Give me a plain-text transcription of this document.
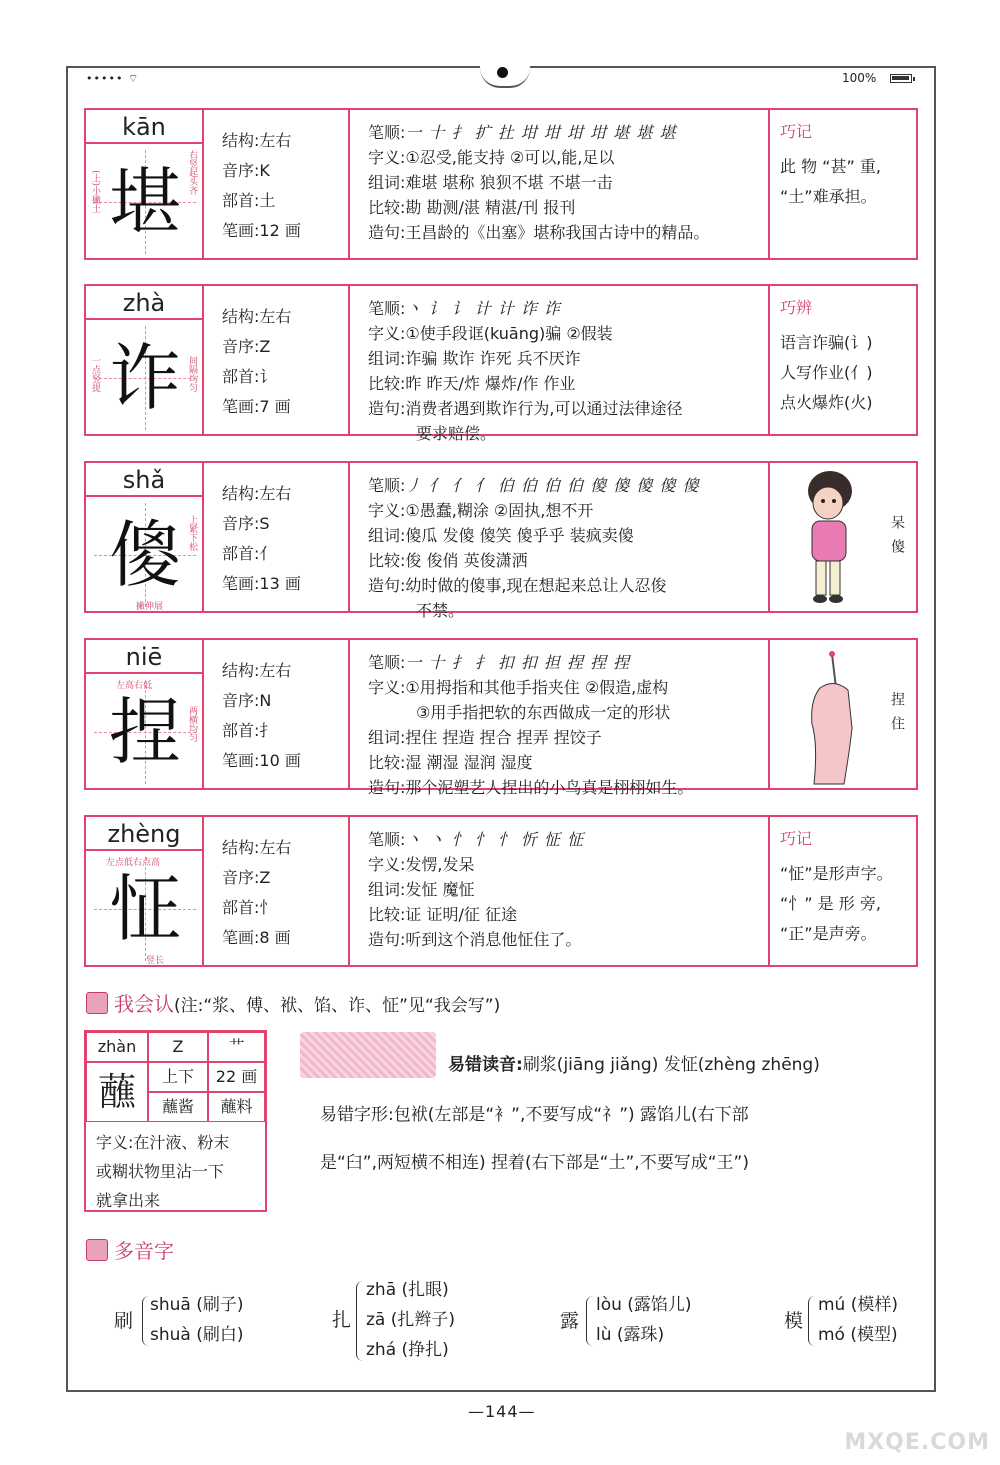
••••• ⌔	100%
kān
堪
(上)小撇土	右竖起头齐
结构:左右
音序:K
部首:土
笔画:12 画
笔顺:⼀ ⼗ 扌 扩 扗 坩 坩 坩 坩 堪 堪 堪
字义:①忍受,能支持 ②可以,能,足以
组词:难堪 堪称 狼狈不堪 不堪一击
比较:勘 勘测/湛 精湛/刊 报刊
造句:王昌龄的《出塞》堪称我国古诗中的精品。
巧记
此 物 “甚” 重,
“土”难承担。
zhà
诈
一点竖提	间隔均匀
结构:左右
音序:Z
部首:讠
笔画:7 画
笔顺:丶 讠 讠 计 计 诈 诈
字义:①使手段诓(kuāng)骗 ②假装
组词:诈骗 欺诈 诈死 兵不厌诈
比较:昨 昨天/炸 爆炸/作 作业
造句:消费者遇到欺诈行为,可以通过法律途径
要求赔偿。
巧辨
语言诈骗(讠)
人写作业(亻)
点火爆炸(火)
shǎ
傻 上紧下松
撇伸展
结构:左右
音序:S
部首:亻
笔画:13 画
笔顺:丿 亻 亻 亻 伯 伯 伯 伯 傻 傻 傻 傻 傻
字义:①愚蠢,糊涂 ②固执,想不开
组词:傻瓜 发傻 傻笑 傻乎乎 装疯卖傻
比较:俊 俊俏 英俊潇洒
造句:幼时做的傻事,现在想起来总让人忍俊
不禁。
呆傻
niē
左高右低
捏 两横均匀
结构:左右
音序:N
部首:扌
笔画:10 画
笔顺:一 十 扌 扌 扣 扣 担 捏 捏 捏
字义:①用拇指和其他手指夹住 ②假造,虚构
③用手指把软的东西做成一定的形状
组词:捏住 捏造 捏合 捏弄 捏饺子
比较:湿 潮湿 湿润 湿度
造句:那个泥塑艺人捏出的小鸟真是栩栩如生。
捏住
zhèng
左点低右点高
怔
竖长
结构:左右
音序:Z
部首:忄
笔画:8 画
笔顺:丶 丶 忄 忄 忄 忻 怔 怔
字义:发愣,发呆
组词:发怔 魔怔
比较:证 证明/征 征途
造句:听到这个消息他怔住了。
巧记
“怔”是形声字。
“忄” 是 形 旁,
“正”是声旁。
我会认(注:“浆、傅、袱、馅、诈、怔”见“我会写”)
zhàn	Z	艹
蘸	上下	22 画
蘸酱	蘸料
字义:在汁液、粉末
或糊状物里沾一下
就拿出来
易错读音:刷浆(jiāng jiǎng) 发怔(zhèng zhēng)
易错字形:包袱(左部是“衤”,不要写成“礻”) 露馅儿(右下部
是“臼”,两短横不相连) 捏着(右下部是“土”,不要写成“王”)
多音字
刷
shuā (刷子)
shuà (刷白)
扎
zhā (扎眼)
zā (扎辫子)
zhá (挣扎)
露
lòu (露馅儿)
lù (露珠)
模
mú (模样)
mó (模型)
—144—
MXQE.COM
